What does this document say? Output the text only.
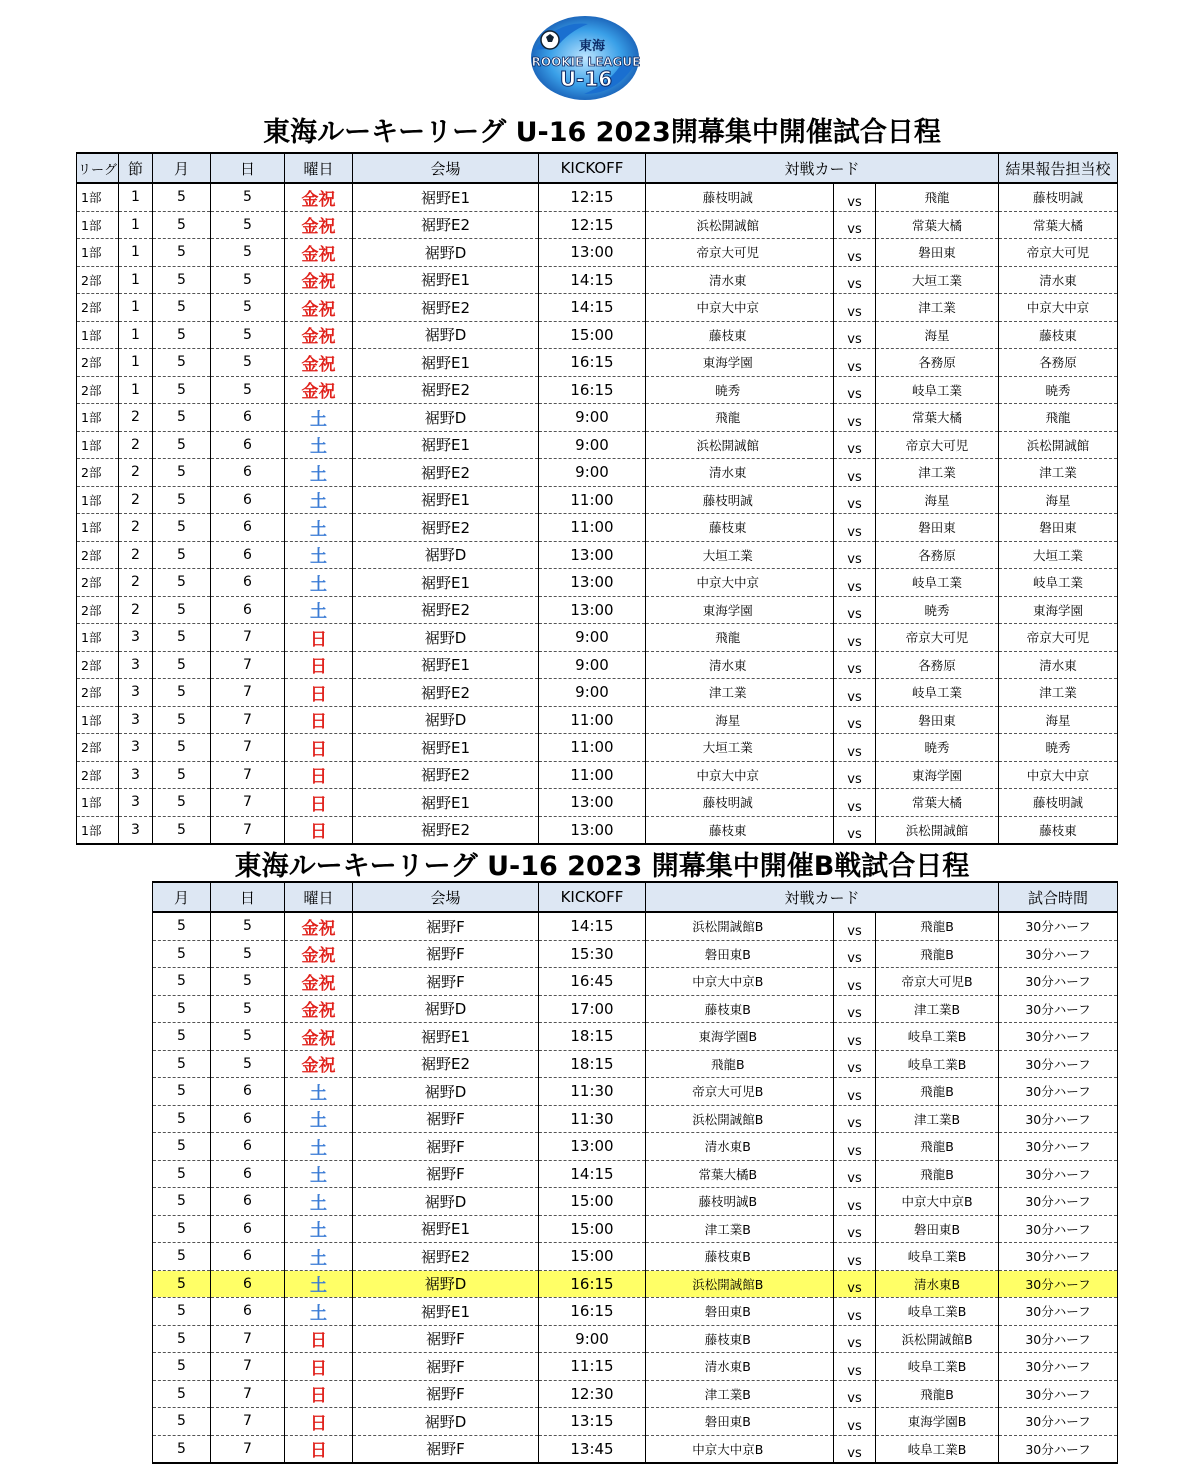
東海
ROOKIE LEAGUE
U-16
東海ルーキーリーグ U-16 2023開幕集中開催試合日程
リーグ	節	月	日	曜日	会場	KICKOFF	対戦カード				結果報告担当校
1部	1	5	5	金祝	裾野E1	12:15	藤枝明誠		vs	飛龍	藤枝明誠
1部	1	5	5	金祝	裾野E2	12:15	浜松開誠館		vs	常葉大橘	常葉大橘
1部	1	5	5	金祝	裾野D	13:00	帝京大可児		vs	磐田東	帝京大可児
2部	1	5	5	金祝	裾野E1	14:15	清水東		vs	大垣工業	清水東
2部	1	5	5	金祝	裾野E2	14:15	中京大中京		vs	津工業	中京大中京
1部	1	5	5	金祝	裾野D	15:00	藤枝東		vs	海星	藤枝東
2部	1	5	5	金祝	裾野E1	16:15	東海学園		vs	各務原	各務原
2部	1	5	5	金祝	裾野E2	16:15	暁秀		vs	岐阜工業	暁秀
1部	2	5	6	土	裾野D	9:00	飛龍		vs	常葉大橘	飛龍
1部	2	5	6	土	裾野E1	9:00	浜松開誠館		vs	帝京大可児	浜松開誠館
2部	2	5	6	土	裾野E2	9:00	清水東		vs	津工業	津工業
1部	2	5	6	土	裾野E1	11:00	藤枝明誠		vs	海星	海星
1部	2	5	6	土	裾野E2	11:00	藤枝東		vs	磐田東	磐田東
2部	2	5	6	土	裾野D	13:00	大垣工業		vs	各務原	大垣工業
2部	2	5	6	土	裾野E1	13:00	中京大中京		vs	岐阜工業	岐阜工業
2部	2	5	6	土	裾野E2	13:00	東海学園		vs	暁秀	東海学園
1部	3	5	7	日	裾野D	9:00	飛龍		vs	帝京大可児	帝京大可児
2部	3	5	7	日	裾野E1	9:00	清水東		vs	各務原	清水東
2部	3	5	7	日	裾野E2	9:00	津工業		vs	岐阜工業	津工業
1部	3	5	7	日	裾野D	11:00	海星		vs	磐田東	海星
2部	3	5	7	日	裾野E1	11:00	大垣工業		vs	暁秀	暁秀
2部	3	5	7	日	裾野E2	11:00	中京大中京		vs	東海学園	中京大中京
1部	3	5	7	日	裾野E1	13:00	藤枝明誠		vs	常葉大橘	藤枝明誠
1部	3	5	7	日	裾野E2	13:00	藤枝東		vs	浜松開誠館	藤枝東
東海ルーキーリーグ U-16 2023 開幕集中開催B戦試合日程
月	日	曜日	会場	KICKOFF	対戦カード				試合時間
5	5	金祝	裾野F	14:15	浜松開誠館B		vs	飛龍B	30分ハーフ
5	5	金祝	裾野F	15:30	磐田東B		vs	飛龍B	30分ハーフ
5	5	金祝	裾野F	16:45	中京大中京B		vs	帝京大可児B	30分ハーフ
5	5	金祝	裾野D	17:00	藤枝東B		vs	津工業B	30分ハーフ
5	5	金祝	裾野E1	18:15	東海学園B		vs	岐阜工業B	30分ハーフ
5	5	金祝	裾野E2	18:15	飛龍B		vs	岐阜工業B	30分ハーフ
5	6	土	裾野D	11:30	帝京大可児B		vs	飛龍B	30分ハーフ
5	6	土	裾野F	11:30	浜松開誠館B		vs	津工業B	30分ハーフ
5	6	土	裾野F	13:00	清水東B		vs	飛龍B	30分ハーフ
5	6	土	裾野F	14:15	常葉大橘B		vs	飛龍B	30分ハーフ
5	6	土	裾野D	15:00	藤枝明誠B		vs	中京大中京B	30分ハーフ
5	6	土	裾野E1	15:00	津工業B		vs	磐田東B	30分ハーフ
5	6	土	裾野E2	15:00	藤枝東B		vs	岐阜工業B	30分ハーフ
5	6	土	裾野D	16:15	浜松開誠館B		vs	清水東B	30分ハーフ
5	6	土	裾野E1	16:15	磐田東B		vs	岐阜工業B	30分ハーフ
5	7	日	裾野F	9:00	藤枝東B		vs	浜松開誠館B	30分ハーフ
5	7	日	裾野F	11:15	清水東B		vs	岐阜工業B	30分ハーフ
5	7	日	裾野F	12:30	津工業B		vs	飛龍B	30分ハーフ
5	7	日	裾野D	13:15	磐田東B		vs	東海学園B	30分ハーフ
5	7	日	裾野F	13:45	中京大中京B		vs	岐阜工業B	30分ハーフ
